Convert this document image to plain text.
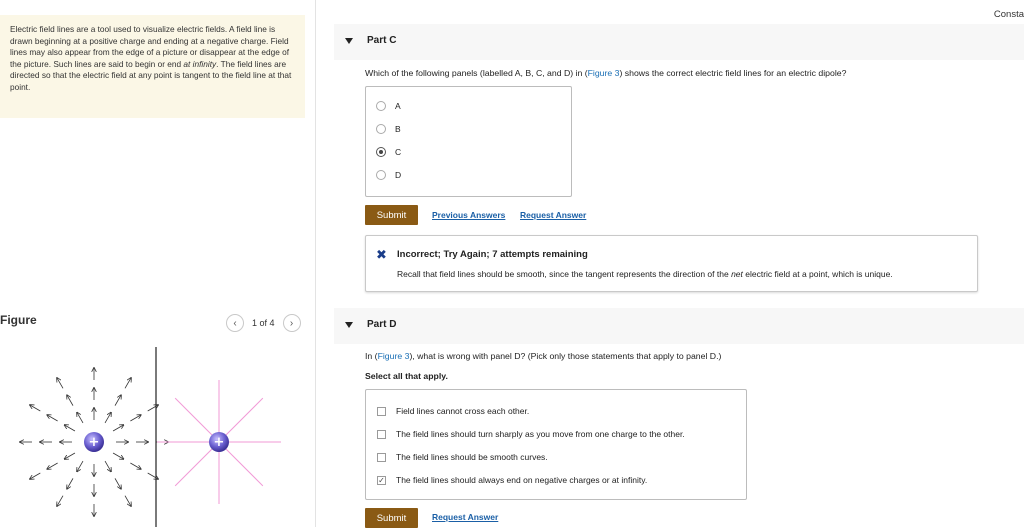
Electric field lines are a tool used to visualize electric fields. A field line is drawn beginning at a positive charge and ending at a negative charge. Field lines may also appear from the edge of a picture or disappear at the edge of the picture. Such lines are said to begin or end at infinity. The field lines are directed so that the electric field at any point is tangent to the field line at that point.
Figure	‹	1 of 4	›
+	+
Consta
Part C
Which of the following panels (labelled A, B, C, and D) in (Figure 3) shows the correct electric field lines for an electric dipole?
A
B
C
D
Submit	Previous Answers Request Answer
✖ Incorrect; Try Again; 7 attempts remaining
Recall that field lines should be smooth, since the tangent represents the direction of the net electric field at a point, which is unique.
Part D
In (Figure 3), what is wrong with panel D? (Pick only those statements that apply to panel D.)
Select all that apply.
Field lines cannot cross each other.
The field lines should turn sharply as you move from one charge to the other.
The field lines should be smooth curves.
✓ The field lines should always end on negative charges or at infinity.
Submit	Request Answer
